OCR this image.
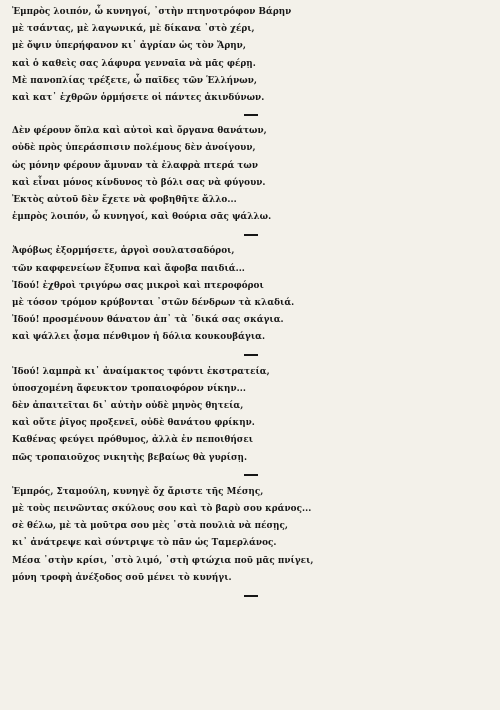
Ἐμπρὸς λοιπόν, ὦ κυνηγοί, ᾽στὴν πτηνοτρόφον Βάρην
μὲ τσάντας, μὲ λαγωνικά, μὲ δίκανα ᾽στὸ χέρι,
μὲ ὄψιν ὑπερήφανον κι᾽ ἀγρίαν ὡς τὸν Ἄρην,
καὶ ὁ καθεὶς σας λάφυρα γενναῖα νὰ μᾶς φέρῃ.
Μὲ πανοπλίας τρέξετε, ὦ παῖδες τῶν Ἑλλήνων,
καὶ κατ᾽ ἐχθρῶν ὁρμήσετε οἱ πάντες ἀκινδύνων.
Δὲν φέρουν ὅπλα καὶ αὐτοὶ καὶ ὄργανα θανάτων,
οὐδὲ πρὸς ὑπεράσπισιν πολέμους δὲν ἀνοίγουν,
ὡς μόνην φέρουν ἄμυναν τὰ ἐλαφρὰ πτερά των
καὶ εἶναι μόνος κίνδυνος τὸ βόλι σας νὰ φύγουν.
Ἐκτὸς αὐτοῦ δὲν ἔχετε νὰ φοβηθῆτε ἄλλο...
ἐμπρὸς λοιπόν, ὦ κυνηγοί, καὶ θούρια σᾶς ψάλλω.
Ἀφόβως ἐξορμήσετε, ἀργοὶ σουλατσαδόροι,
τῶν καφφενείων ἔξυπνα καὶ ἄφοβα παιδιά...
Ἰδού! ἐχθροὶ τριγύρω σας μικροὶ καὶ πτεροφόροι
μὲ τόσον τρόμον κρύβονται ᾽στῶν δένδρων τὰ κλαδιά.
Ἰδού! προσμένουν θάνατον ἀπ᾽ τὰ ᾽δικά σας σκάγια.
καὶ ψάλλει ᾆσμα πένθιμον ἡ δόλια κουκουβάγια.
Ἰδού! λαμπρὰ κι᾽ ἀναίμακτος τφόντι ἐκστρατεία,
ὑποσχομένη ἄφευκτον τροπαιοφόρον νίκην...
δὲν ἀπαιτεῖται δι᾽ αὐτὴν οὐδὲ μηνὸς θητεία,
καὶ οὔτε ῥῖγος προξενεῖ, οὐδὲ θανάτου φρίκην.
Καθένας φεύγει πρόθυμος, ἀλλὰ ἐν πεποιθήσει
πῶς τροπαιοῦχος νικητὴς βεβαίως θὰ γυρίσῃ.
Ἐμπρός, Σταμούλη, κυνηγὲ ὄχ ἄριστε τῆς Μέσης,
μὲ τοὺς πεινῶντας σκύλους σου καὶ τὸ βαρὺ σου κράνος...
σὲ θέλω, μὲ τὰ μοῦτρα σου μὲς ᾽στὰ πουλιὰ νὰ πέσῃς,
κι᾽ ἀνάτρεψε καὶ σύντριψε τὸ πᾶν ὡς Ταμερλάνος.
Μέσα ᾽στὴν κρίσι, ᾽στὸ λιμό, ᾽στὴ φτώχια ποῦ μᾶς πνίγει,
μόνη τροφὴ ἀνέξοδος σοῦ μένει τὸ κυνήγι.
